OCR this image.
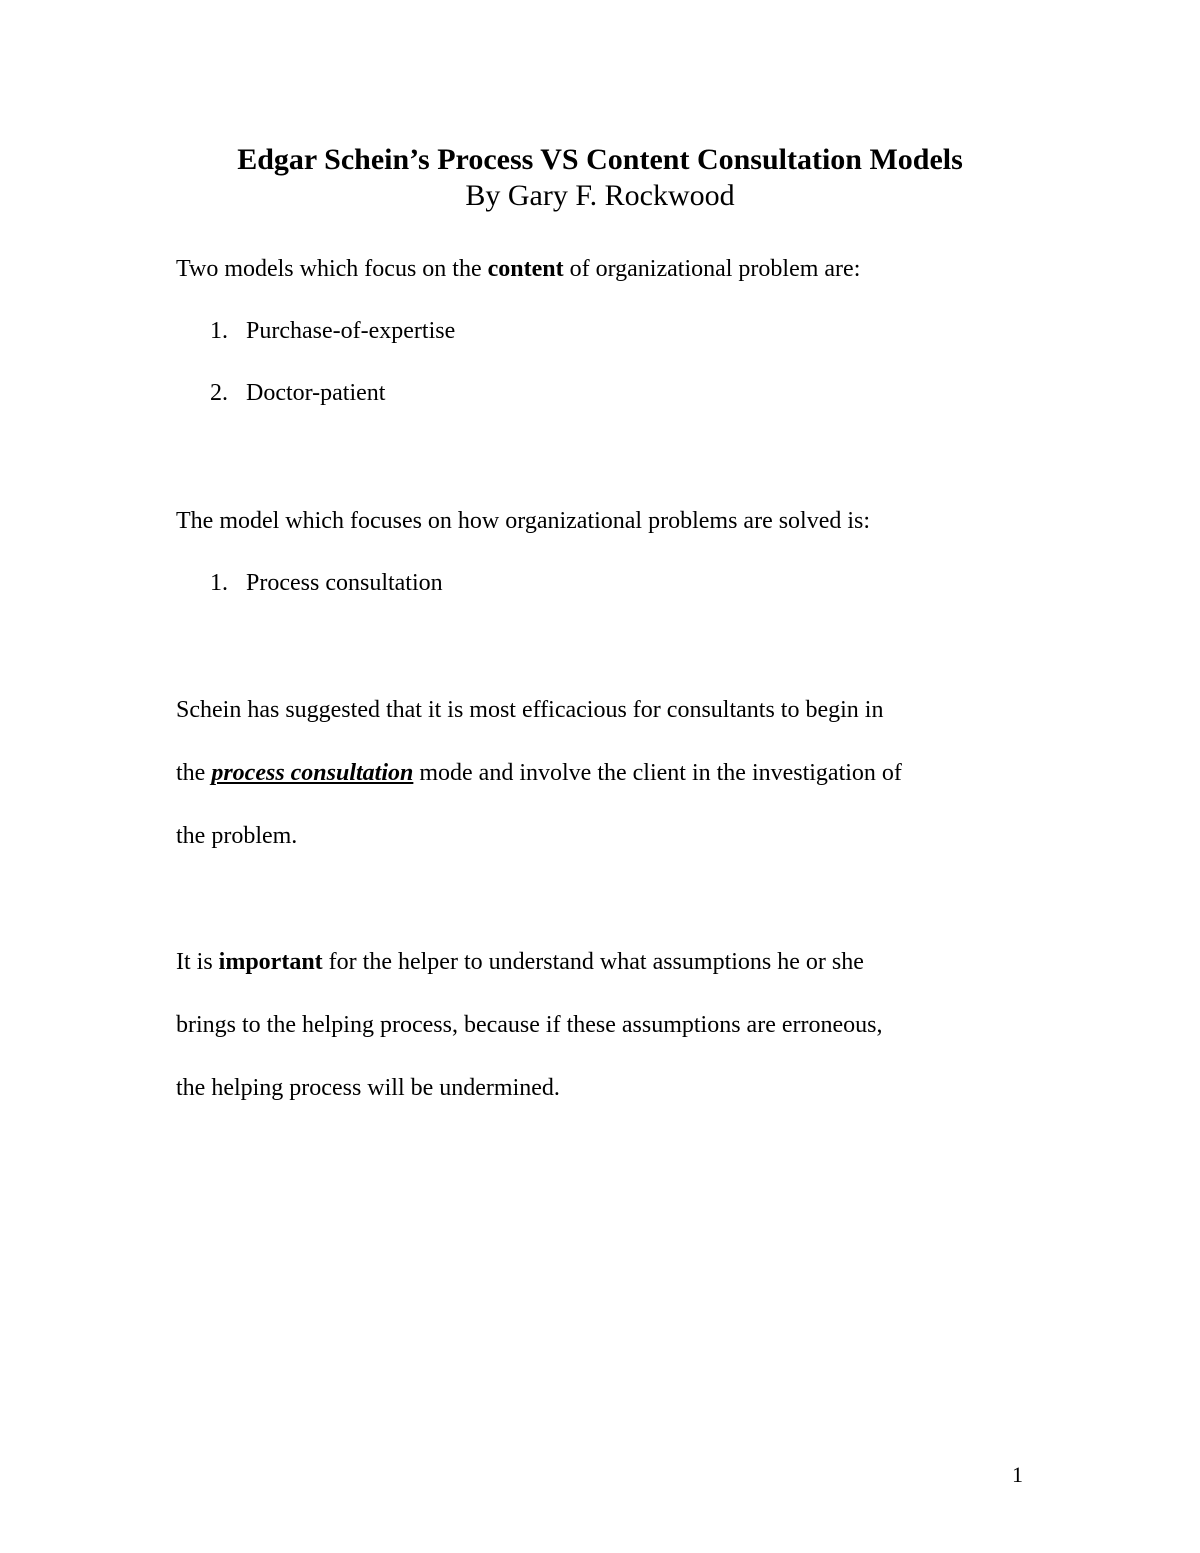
Edgar Schein’s Process VS Content Consultation Models

By Gary F. Rockwood

Two models which focus on the content of organizational problem are:

1. Purchase-of-expertise

2. Doctor-patient

The model which focuses on how organizational problems are solved is:

1. Process consultation

Schein has suggested that it is most efficacious for consultants to begin in

the process consultation mode and involve the client in the investigation of

the problem.

It is important for the helper to understand what assumptions he or she

brings to the helping process, because if these assumptions are erroneous,

the helping process will be undermined.

1
